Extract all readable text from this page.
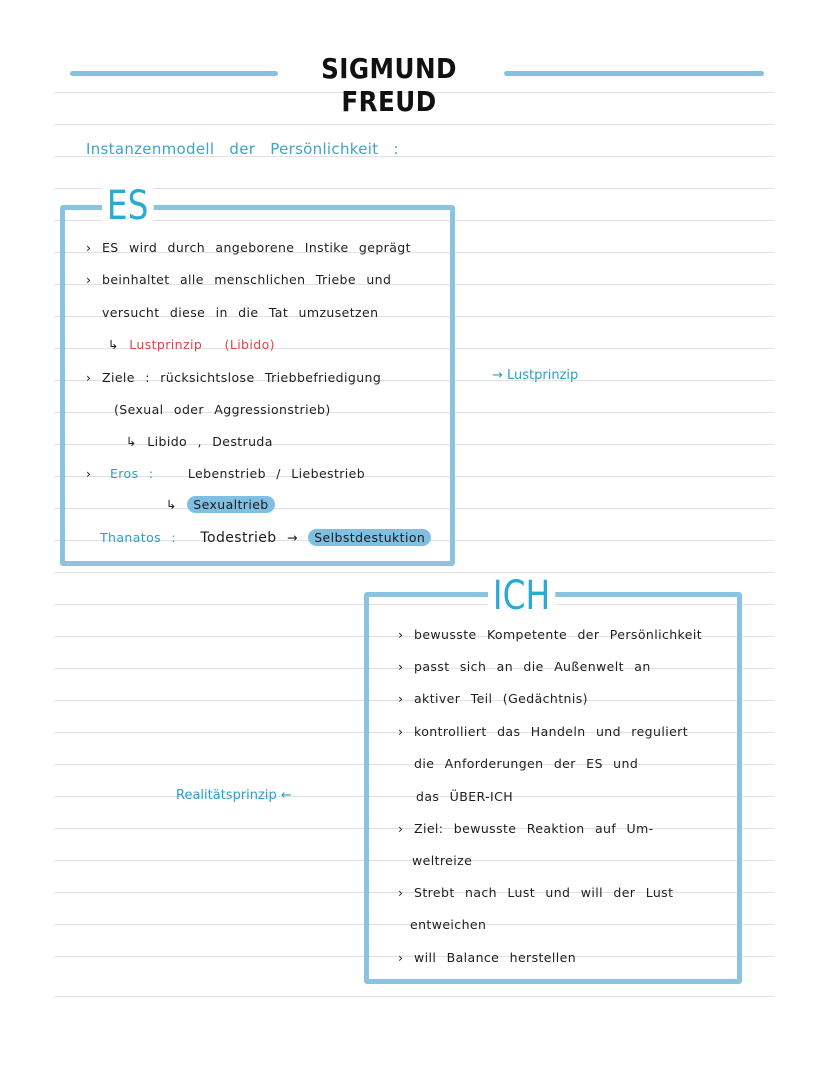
SIGMUND FREUD
Instanzenmodell der Persönlichkeit :
ES
› ES wird durch angeborene Instike geprägt
› beinhaltet alle menschlichen Triebe und
versucht diese in die Tat umzusetzen
↳ Lustprinzip (Libido)
› Ziele : rücksichtslose Triebbefriedigung
(Sexual oder Aggressionstrieb)
↳ Libido , Destruda
› Eros :	Lebenstrieb / Liebestrieb
↳ Sexualtrieb
Thanatos : Todestrieb → Selbstdestuktion
→ Lustprinzip
ICH
› bewusste Kompetente der Persönlichkeit
› passt sich an die Außenwelt an
› aktiver Teil (Gedächtnis)
› kontrolliert das Handeln und reguliert
die Anforderungen der ES und
das ÜBER-ICH
› Ziel: bewusste Reaktion auf Um-
weltreize
› Strebt nach Lust und will der Lust
entweichen
› will Balance herstellen
Realitätsprinzip ←
